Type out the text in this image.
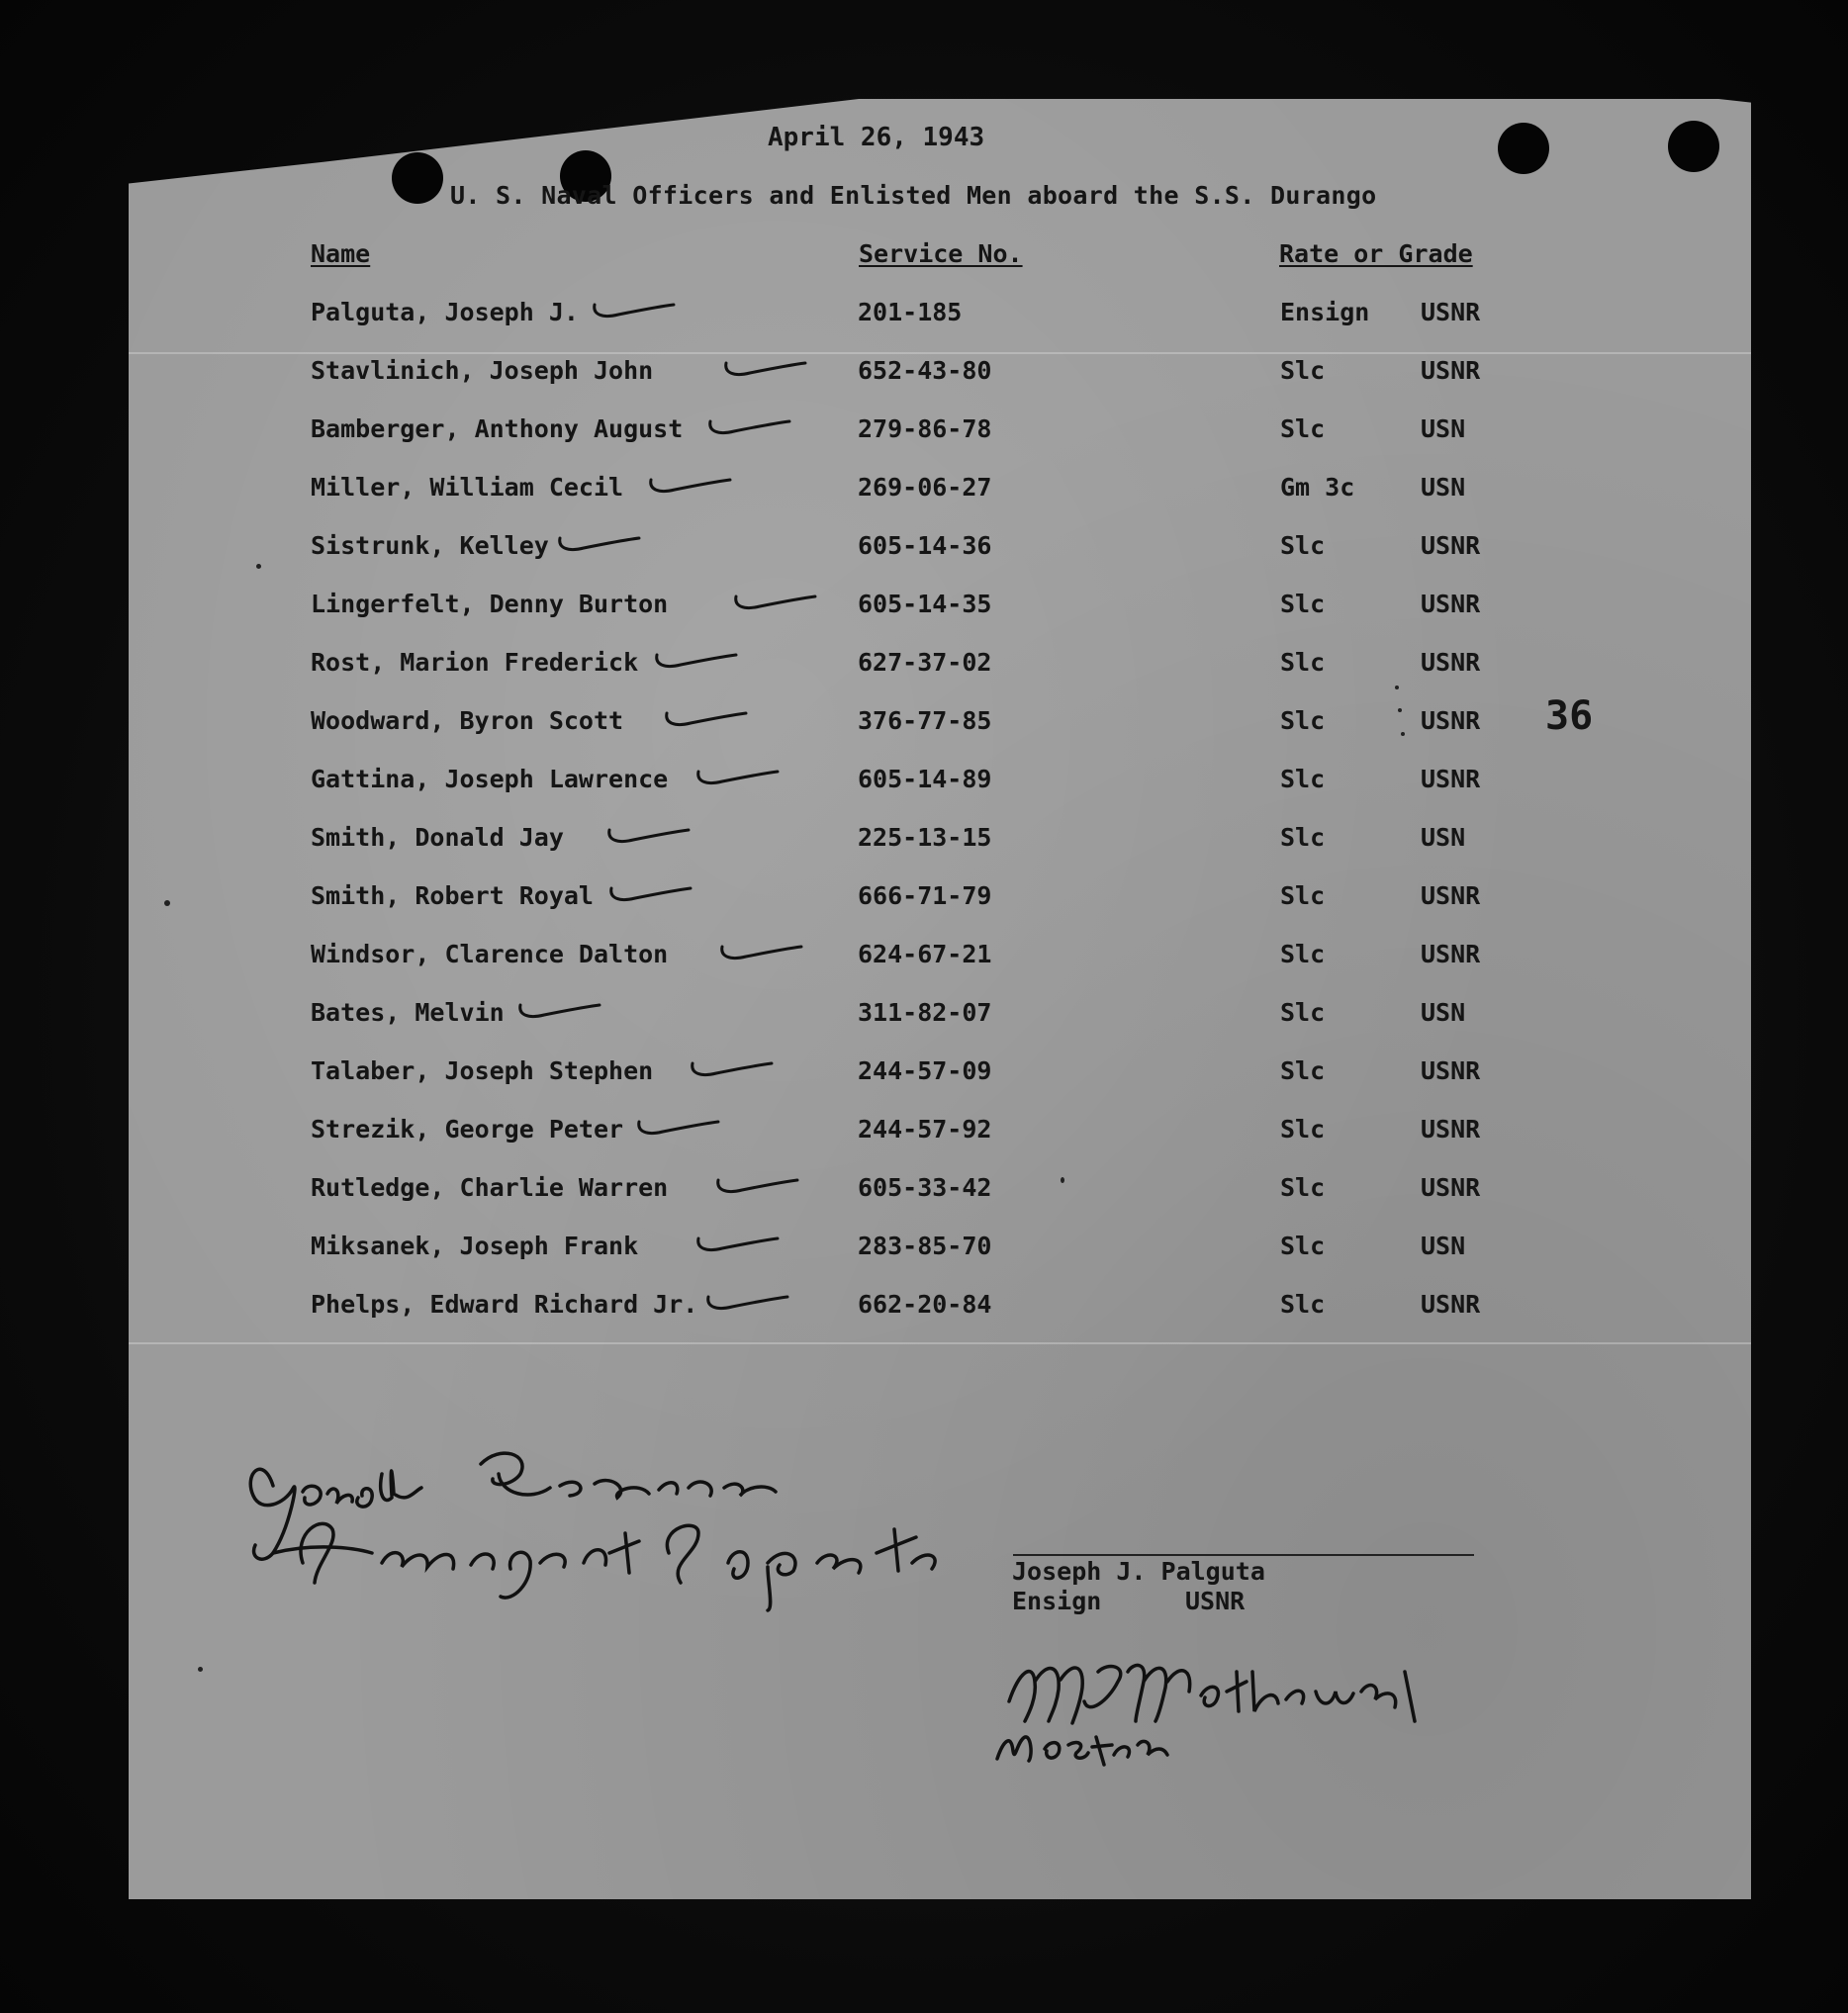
April 26, 1943
U. S. Naval Officers and Enlisted Men aboard the S.S. Durango
Name	Service No.	Rate or Grade
Palguta, Joseph J.	201-185	Ensign USNR
Stavlinich, Joseph John	652-43-80	Slc	USNR
Bamberger, Anthony August	279-86-78	Slc	USN
Miller, William Cecil	269-06-27	Gm 3c	USN
Sistrunk, Kelley	605-14-36	Slc	USNR
Lingerfelt, Denny Burton	605-14-35	Slc	USNR
Rost, Marion Frederick	627-37-02	Slc	USNR
Woodward, Byron Scott	376-77-85	Slc	USNR
Gattina, Joseph Lawrence	605-14-89	Slc	USNR
Smith, Donald Jay	225-13-15	Slc	USN
Smith, Robert Royal	666-71-79	Slc	USNR
Windsor, Clarence Dalton	624-67-21	Slc	USNR
Bates, Melvin	311-82-07	Slc	USN
Talaber, Joseph Stephen	244-57-09	Slc	USNR
Strezik, George Peter	244-57-92	Slc	USNR
Rutledge, Charlie Warren	605-33-42	Slc	USNR
Miksanek, Joseph Frank	283-85-70	Slc	USN
Phelps, Edward Richard Jr.	662-20-84	Slc	USNR
36
Joseph J. Palguta
Ensign	USNR
